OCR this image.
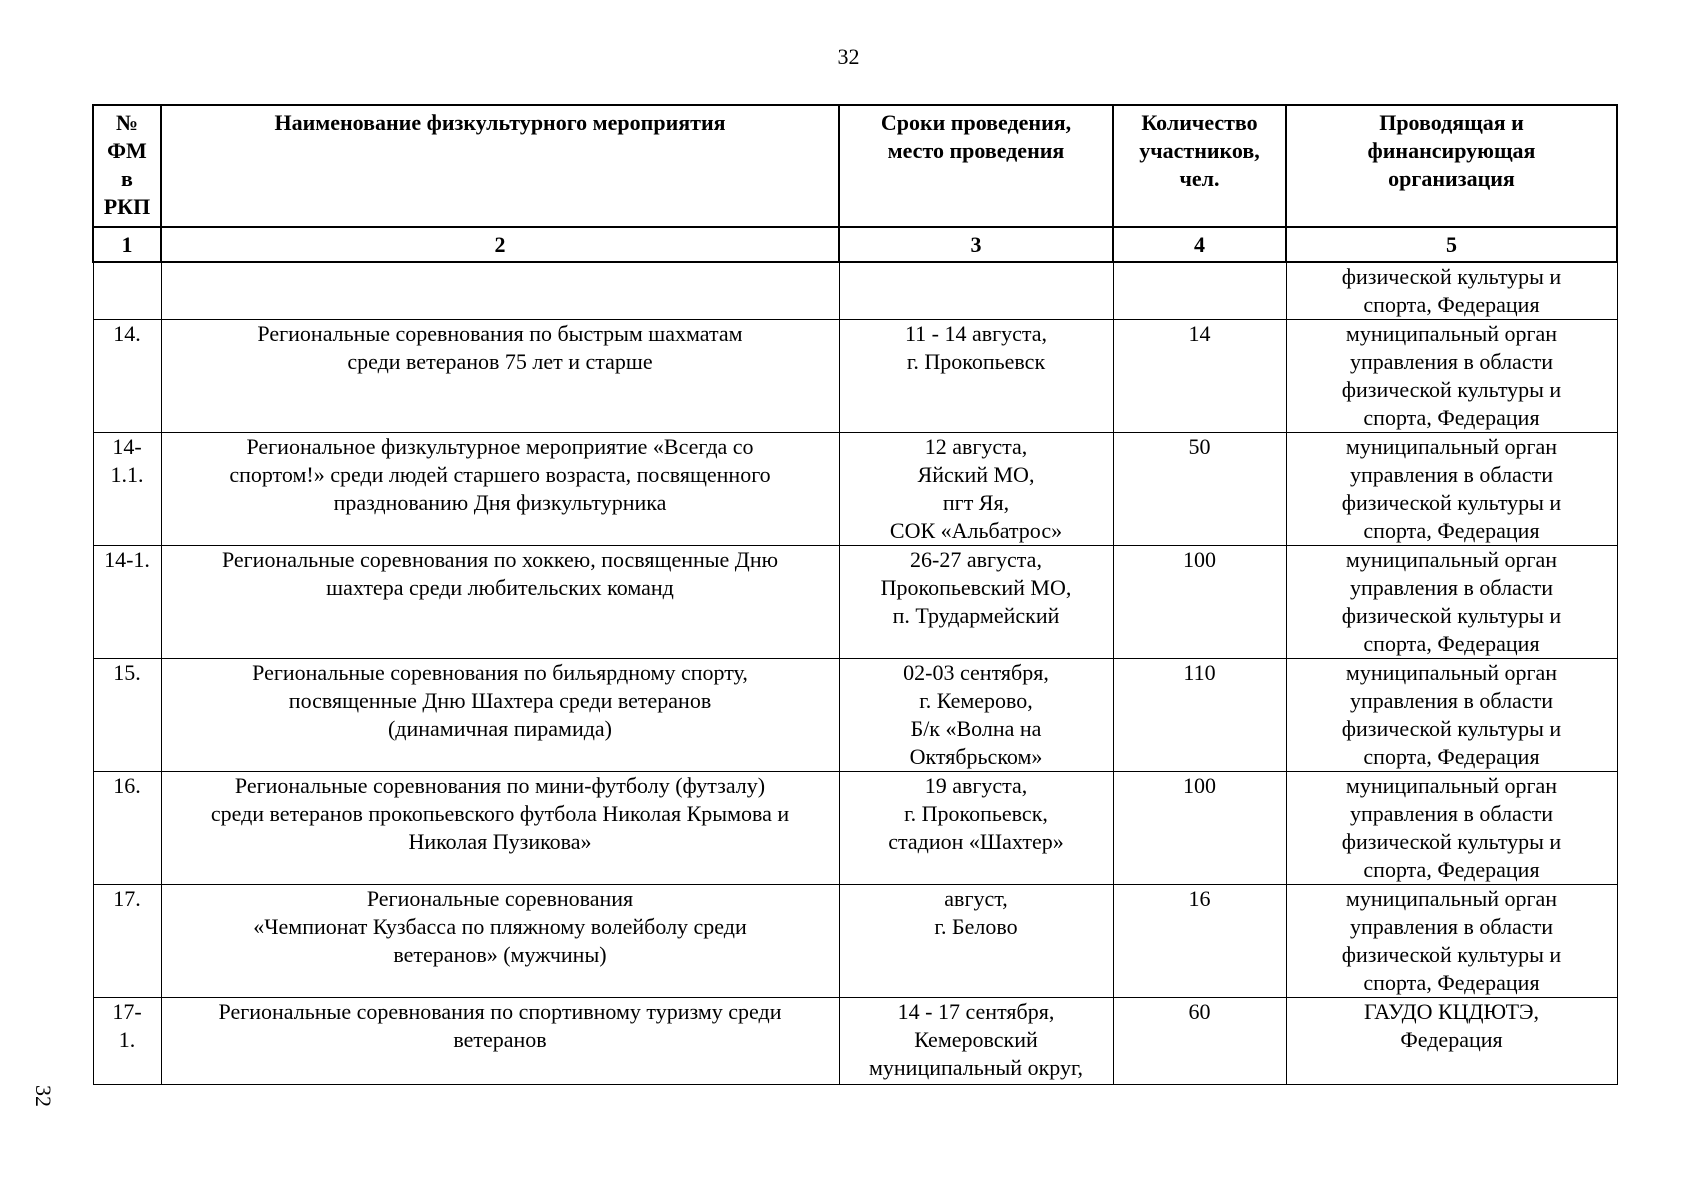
32
32
№
ФМ
в
РКП	Наименование физкультурного мероприятия	Сроки проведения,
место проведения	Количество
участников,
чел.	Проводящая и
финансирующая
организация

1	2	3	4	5

				физической культуры и
спорта, Федерация

14.	Региональные соревнования по быстрым шахматам
среди ветеранов 75 лет и старше	11 - 14 августа,
г. Прокопьевск	14	муниципальный орган
управления в области
физической культуры и
спорта, Федерация

14-1.1.	Региональное физкультурное мероприятие «Всегда со
спортом!» среди людей старшего возраста, посвященного
празднованию Дня физкультурника	12 августа,
Яйский МО,
пгт Яя,
СОК «Альбатрос»	50	муниципальный орган
управления в области
физической культуры и
спорта, Федерация

14-1.	Региональные соревнования по хоккею, посвященные Дню
шахтера среди любительских команд	26-27 августа,
Прокопьевский МО,
п. Трудармейский	100	муниципальный орган
управления в области
физической культуры и
спорта, Федерация

15.	Региональные соревнования по бильярдному спорту,
посвященные Дню Шахтера среди ветеранов
(динамичная пирамида)	02-03 сентября,
г. Кемерово,
Б/к «Волна на
Октябрьском»	110	муниципальный орган
управления в области
физической культуры и
спорта, Федерация

16.	Региональные соревнования по мини-футболу (футзалу)
среди ветеранов прокопьевского футбола Николая Крымова и
Николая Пузикова»	19 августа,
г. Прокопьевск,
стадион «Шахтер»	100	муниципальный орган
управления в области
физической культуры и
спорта, Федерация

17.	Региональные соревнования
«Чемпионат Кузбасса по пляжному волейболу среди
ветеранов» (мужчины)	август,
г. Белово	16	муниципальный орган
управления в области
физической культуры и
спорта, Федерация

17-
1.	Региональные соревнования по спортивному туризму среди
ветеранов	14 - 17 сентября,
Кемеровский
муниципальный округ,	60	ГАУДО КЦДЮТЭ,
Федерация
